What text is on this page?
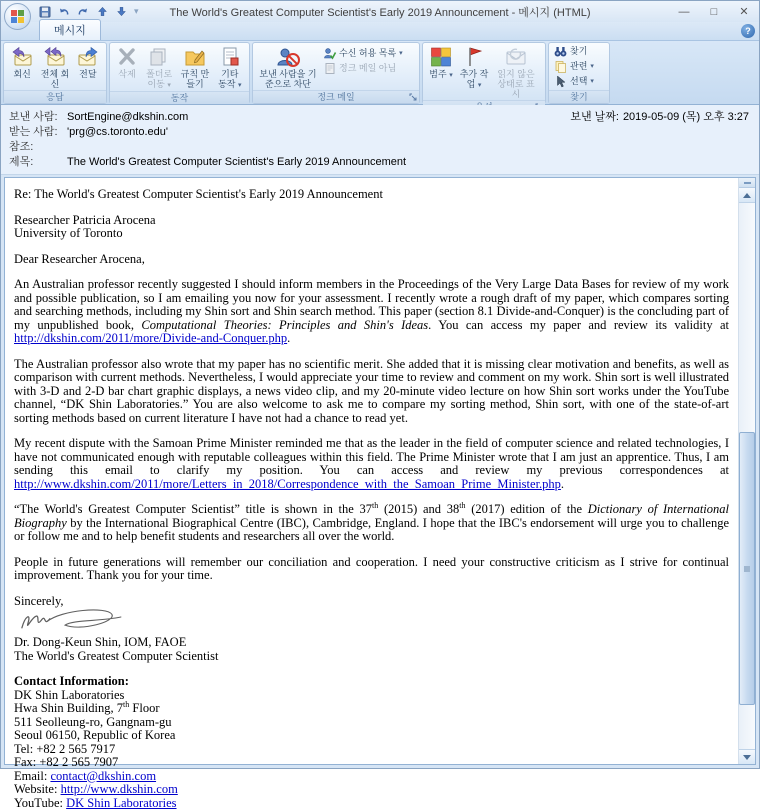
▾	The World's Greatest Computer Scientist's Early 2019 Announcement - 메시지 (HTML)	—	□	✕
메시지	?
회신 전체 회신
전달
응답
삭제 폴더로 이동 ▾
규칙 만들기
기타 동작 ▾
동작
보낸 사람을 기준으로 차단
수신 허용 목록 ▾
정크 메일 아님
정크 메일
범주 ▾ 추가 작업 ▾
읽지 않은 상태로 표시
찾기
관련 ▾
선택 ▾
찾기
보낸 사람: SortEngine@dkshin.com
받는 사람: 'prg@cs.toronto.edu'
참조:
제목:	The World's Greatest Computer Scientist's Early 2019 Announcement
보낸 날짜: 2019-05-09 (목) 오후 3:27

Re: The World's Greatest Computer Scientist's Early 2019 Announcement

Researcher Patricia Arocena

University of Toronto

Dear Researcher Arocena,

An Australian professor recently suggested I should inform members in the Proceedings of the Very Large Data Bases for review of my work and possible publication, so I am emailing you now for your assessment. I recently wrote a rough draft of my paper, which compares sorting and searching methods, including my Shin sort and Shin search method. This paper (section 8.1 Divide-and-Conquer) is the concluding part of my unpublished book, Computational Theories: Principles and Shin's Ideas. You can access my paper and review its validity at http://dkshin.com/2011/more/Divide-and-Conquer.php.

The Australian professor also wrote that my paper has no scientific merit. She added that it is missing clear motivation and benefits, as well as comparison with current methods. Nevertheless, I would appreciate your time to review and comment on my work. Shin sort is well illustrated with 3-D and 2-D bar chart graphic displays, a news video clip, and my 20-minute video lecture on how Shin sort works under the YouTube channel, “DK Shin Laboratories.” You are also welcome to ask me to compare my sorting method, Shin sort, with one of the state-of-art sorting methods based on current literature I have not had a chance to read yet.

My recent dispute with the Samoan Prime Minister reminded me that as the leader in the field of computer science and related technologies, I have not communicated enough with reputable colleagues within this field. The Prime Minister wrote that I am just an apprentice. Thus, I am sending this email to clarify my position. You can access and review my previous correspondences at http://www.dkshin.com/2011/more/Letters_in_2018/Correspondence_with_the_Samoan_Prime_Minister.php.

“The World's Greatest Computer Scientist” title is shown in the 37th (2015) and 38th (2017) edition of the Dictionary of International Biography by the International Biographical Centre (IBC), Cambridge, England. I hope that the IBC's endorsement will urge you to challenge or follow me and to help benefit students and researchers all over the world.

People in future generations will remember our conciliation and cooperation. I need your constructive criticism as I strive for continual improvement. Thank you for your time.

Sincerely,
Dr. Dong-Keun Shin, IOM, FAOE

The World's Greatest Computer Scientist

Contact Information:
DK Shin Laboratories
Hwa Shin Building, 7th Floor
511 Seolleung-ro, Gangnam-gu
Seoul 06150, Republic of Korea
Tel: +82 2 565 7917
Fax: +82 2 565 7907
Email: contact@dkshin.com
Website: http://www.dkshin.com
YouTube: DK Shin Laboratories
